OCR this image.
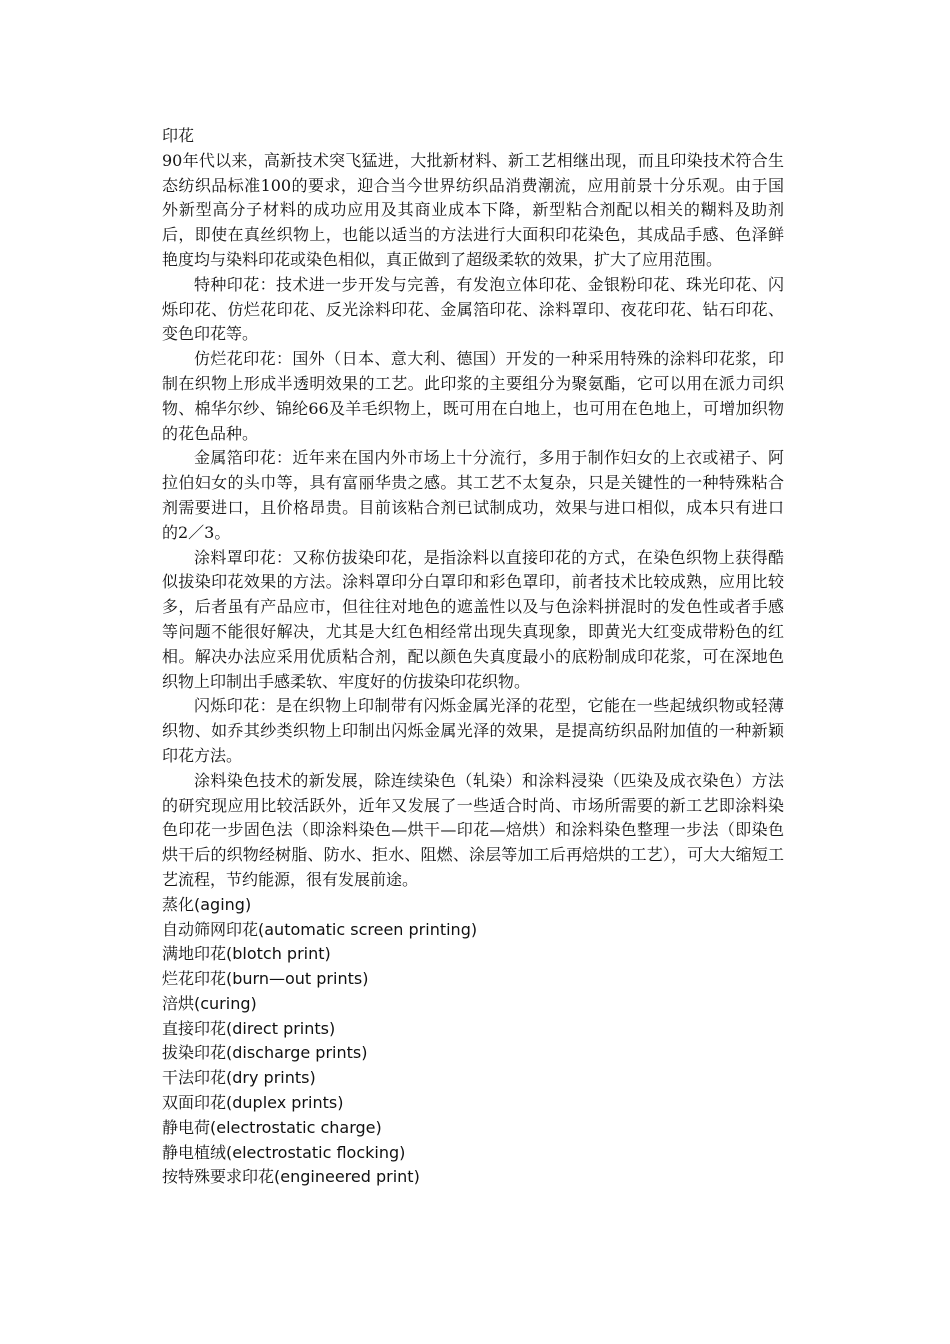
印花

90年代以来，高新技术突飞猛进，大批新材料、新工艺相继出现，而且印染技术符合生态纺织品标准100的要求，迎合当今世界纺织品消费潮流，应用前景十分乐观。由于国外新型高分子材料的成功应用及其商业成本下降，新型粘合剂配以相关的糊料及助剂后，即使在真丝织物上，也能以适当的方法进行大面积印花染色，其成品手感、色泽鲜艳度均与染料印花或染色相似，真正做到了超级柔软的效果，扩大了应用范围。

特种印花：技术进一步开发与完善，有发泡立体印花、金银粉印花、珠光印花、闪烁印花、仿烂花印花、反光涂料印花、金属箔印花、涂料罩印、夜花印花、钻石印花、变色印花等。

仿烂花印花：国外（日本、意大利、德国）开发的一种采用特殊的涂料印花浆，印制在织物上形成半透明效果的工艺。此印浆的主要组分为聚氨酯，它可以用在派力司织物、棉华尔纱、锦纶66及羊毛织物上，既可用在白地上，也可用在色地上，可增加织物的花色品种。

金属箔印花：近年来在国内外市场上十分流行，多用于制作妇女的上衣或裙子、阿拉伯妇女的头巾等，具有富丽华贵之感。其工艺不太复杂，只是关键性的一种特殊粘合剂需要进口，且价格昂贵。目前该粘合剂已试制成功，效果与进口相似，成本只有进口的2／3。

涂料罩印花：又称仿拔染印花，是指涂料以直接印花的方式，在染色织物上获得酷似拔染印花效果的方法。涂料罩印分白罩印和彩色罩印，前者技术比较成熟，应用比较多，后者虽有产品应市，但往往对地色的遮盖性以及与色涂料拼混时的发色性或者手感等问题不能很好解决，尤其是大红色相经常出现失真现象，即黄光大红变成带粉色的红相。解决办法应采用优质粘合剂，配以颜色失真度最小的底粉制成印花浆，可在深地色织物上印制出手感柔软、牢度好的仿拔染印花织物。

闪烁印花：是在织物上印制带有闪烁金属光泽的花型，它能在一些起绒织物或轻薄织物、如乔其纱类织物上印制出闪烁金属光泽的效果，是提高纺织品附加值的一种新颖印花方法。

涂料染色技术的新发展，除连续染色（轧染）和涂料浸染（匹染及成衣染色）方法的研究现应用比较活跃外，近年又发展了一些适合时尚、市场所需要的新工艺即涂料染色印花一步固色法（即涂料染色—烘干—印花—焙烘）和涂料染色整理一步法（即染色烘干后的织物经树脂、防水、拒水、阻燃、涂层等加工后再焙烘的工艺），可大大缩短工艺流程，节约能源，很有发展前途。

蒸化(aging)
自动筛网印花(automatic screen printing)
满地印花(blotch print)
烂花印花(burn—out prints)
涪烘(curing)
直接印花(direct prints)
拔染印花(discharge prints)
干法印花(dry prints)
双面印花(duplex prints)
静电荷(electrostatic charge)
静电植绒(electrostatic flocking)
按特殊要求印花(engineered print)
